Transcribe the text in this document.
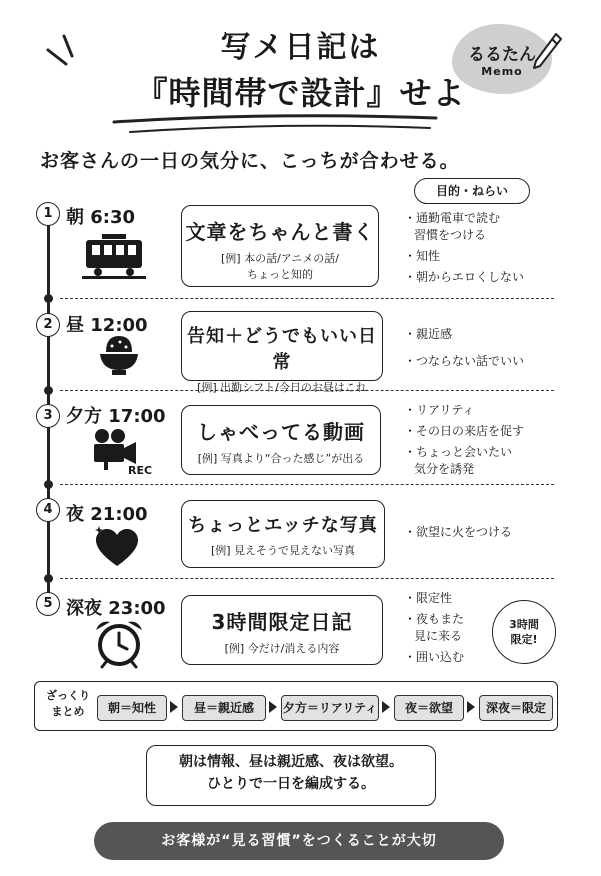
写メ日記は
『時間帯で設計』せよ
るるたん
Memo
お客さんの一日の気分に、こっちが合わせる。
目的・ねらい
1 朝 6:30
文章をちゃんと書く
[例] 本の話/アニメの話/
ちょっと知的
・通勤電車で読む
習慣をつける
・知性
・朝からエロくしない
2 昼 12:00
告知＋どうでもいい日常
[例] 出勤シフト/今日のお昼はこれ
・親近感
・つならない話でいい
3 夕方 17:00
REC
しゃべってる動画
[例] 写真より“合った感じ”が出る
・リアリティ
・その日の来店を促す
・ちょっと会いたい
気分を誘発
4 夜 21:00
ちょっとエッチな写真
[例] 見えそうで見えない写真
・欲望に火をつける
5 深夜 23:00
3時間限定日記
[例] 今だけ/消える内容
・限定性
・夜もまた
見に来る
・囲い込む
3時間
限定!
ざっくり
まとめ	朝＝知性	昼＝親近感	夕方＝リアリティ	夜＝欲望	深夜＝限定
朝は情報、昼は親近感、夜は欲望。
ひとりで一日を編成する。
お客様が“見る習慣”をつくることが大切
